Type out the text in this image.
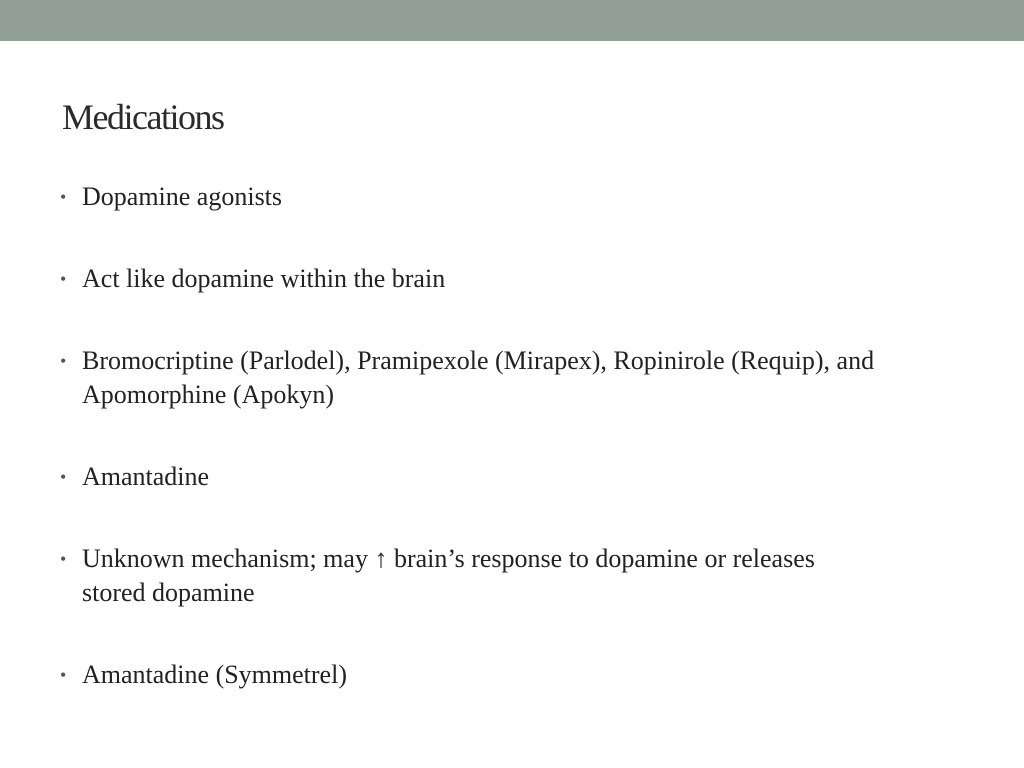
Medications
• Dopamine agonists
• Act like dopamine within the brain
• Bromocriptine (Parlodel), Pramipexole (Mirapex), Ropinirole (Requip), and Apomorphine (Apokyn)
• Amantadine
• Unknown mechanism; may ↑ brain’s response to dopamine or releases stored dopamine
• Amantadine (Symmetrel)
